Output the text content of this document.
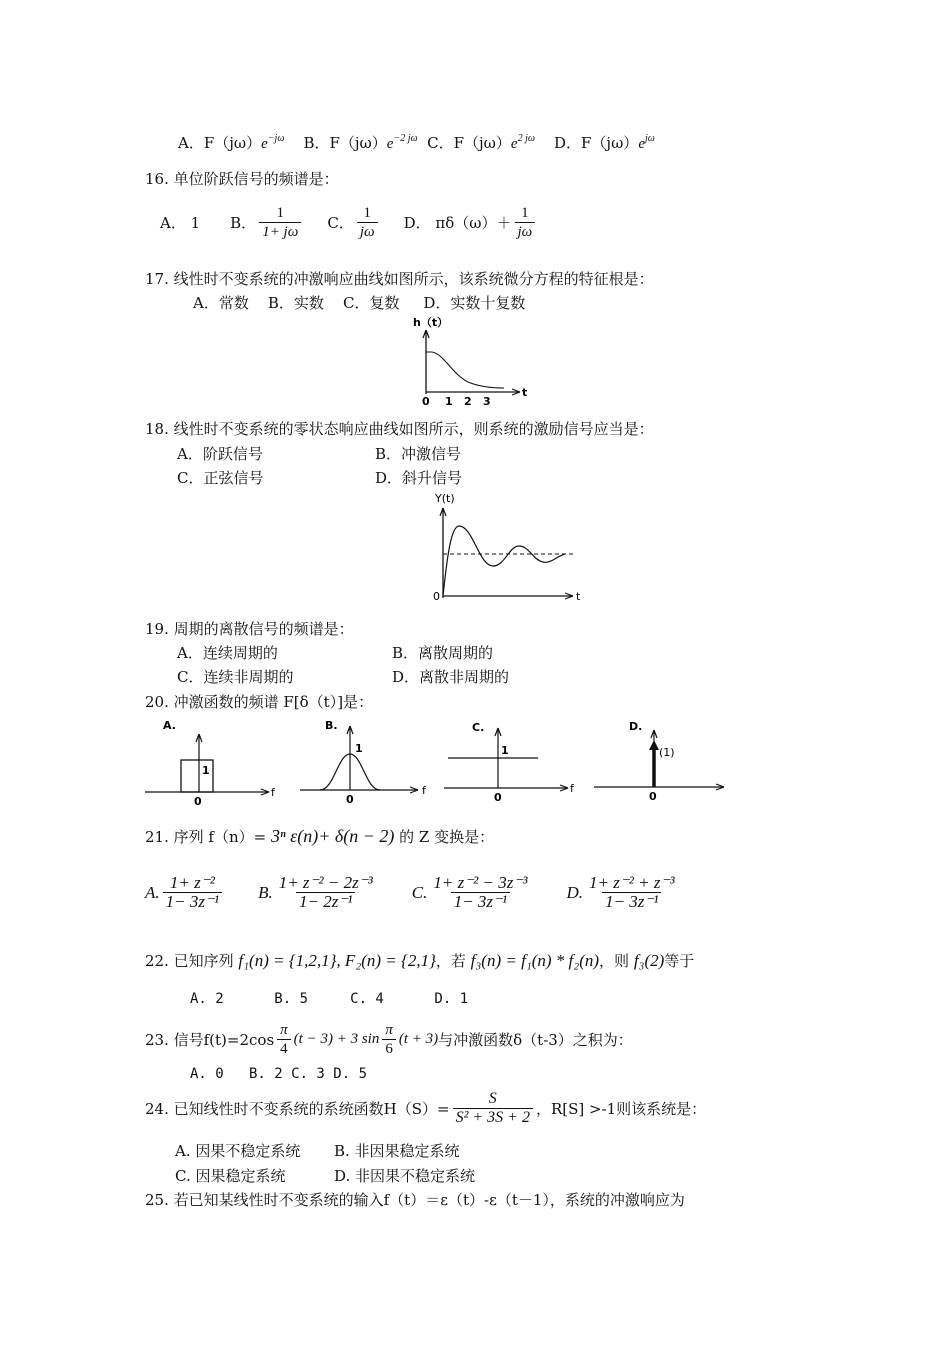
A．$F(j\omega)e^{-j\omega}$ B．$F(j\omega)e^{-2 j\omega}$ C．$F(j\omega)e^{2 j\omega}$ D．$F(j\omega)e^{j\omega}$
16. 单位阶跃信号的频谱是：
A． 1 B． $\frac{1}{1+ j\omega}$ C． $\frac{1}{j\omega}$ D． $\pi\delta(\omega)+ \frac{1}{j\omega}$
17. 线性时不变系统的冲激响应曲线如图所示，该系统微分方程的特征根是：
A．常数    B．实数    C．复数     D．实数十复数
h（t）
t
0 1 2 3
18. 线性时不变系统的零状态响应曲线如图所示，则系统的激励信号应当是：
A．阶跃信号	B．冲激信号
C．正弦信号	D．斜升信号
Y(t)
t
0
19. 周期的离散信号的频谱是：
A．连续周期的	B．离散周期的
C．连续非周期的	D．离散非周期的
20. 冲激函数的频谱 F[δ（t）]是：
A.
f
1
0
B.
f
1
0
C.
f
1
0
D.
(1)
0
21. 序列 f（n）= 3ⁿ ε(n)+ δ(n − 2) 的 Z 变换是：
A. $\frac{\text{1+ z⁻²}}{\text{1− 3z⁻¹}} B$. $\frac{\text{1+ z⁻² − 2z⁻³}}{\text{1− 2z⁻¹}} C$. $\frac{\text{1+ z⁻² − 3z⁻³}}{\text{1− 3z⁻¹}} D$. $\frac{\text{1+ z⁻² + z⁻³}}{\text{1− 3z⁻¹}}$
22. 已知序列 f₁(n) = {1,2,1}, F₂(n) = {2,1}，若 f₃(n) = f₁(n) * f₂(n)，则 f₃(2)等于
A. 2      B. 5     C. 4      D. 1
23. 信号$f(t)=2\cos \frac{\pi}{4} (t - 3) + 3$ $\sin \frac{\pi}{6} (t + 3)$ 与冲激函数δ（t-3）之积为：
A. 0   B. 2 C. 3 D. 5
24. 已知线性时不变系统的系统函数$H(S)= \frac{S}{\text{S² + 3S + 2}}$ ，R[S] >-1则该系统是：
A. 因果不稳定系统 B. 非因果稳定系统
C. 因果稳定系统	D. 非因果不稳定系统
25. 若已知某线性时不变系统的输入f（t）＝ε（t）-ε（t－1），系统的冲激响应为
